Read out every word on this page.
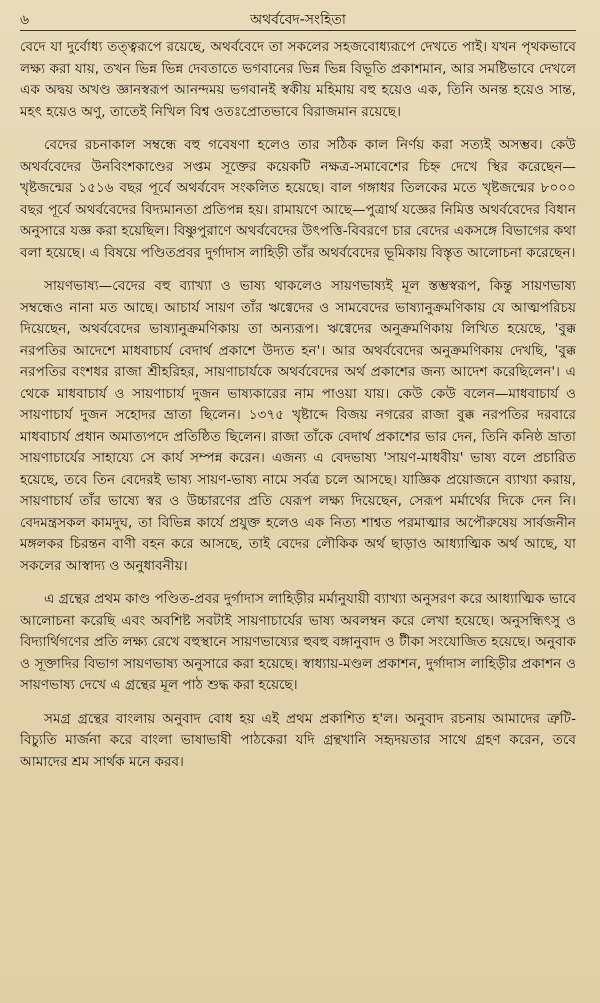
৬	অথর্ববেদ-সংহিতা

বেদে যা দুর্বোধ্য তত্ত্বরূপে রয়েছে, অথর্ববেদে তা সকলের সহজবোধ্যরূপে দেখতে পাই। যখন পৃথকভাবে লক্ষ্য করা যায়, তখন ভিন্ন ভিন্ন দেবতাতে ভগবানের ভিন্ন ভিন্ন বিভূতি প্রকাশমান, আর সমষ্টিভাবে দেখলে এক অদ্বয় অখণ্ড জ্ঞানস্বরূপ আনন্দময় ভগবানই স্বকীয় মহিমায় বহু হয়েও এক, তিনি অনন্ত হয়েও সান্ত, মহৎ হয়েও অণু, তাতেই নিখিল বিশ্ব ওতঃপ্রোতভাবে বিরাজমান রয়েছে।

বেদের রচনাকাল সম্বন্ধে বহু গবেষণা হলেও তার সঠিক কাল নির্ণয় করা সত্যই অসম্ভব। কেউ অথর্ববেদের উনবিংশকাণ্ডের সপ্তম সূক্তের কয়েকটি নক্ষত্র-সমাবেশের চিহ্ন দেখে স্থির করেছেন—খৃষ্টজন্মের ১৫১৬ বছর পূর্বে অথর্ববেদ সংকলিত হয়েছে। বাল গঙ্গাধর তিলকের মতে খৃষ্টজন্মের ৮০০০ বছর পূর্বে অথর্ববেদের বিদ্যমানতা প্রতিপন্ন হয়। রামায়ণে আছে—পুত্রার্থ যজ্ঞের নিমিত্ত অথর্ববেদের বিধান অনুসারে যজ্ঞ করা হয়েছিল। বিষ্ণুপুরাণে অথর্ববেদের উৎপত্তি-বিবরণে চার বেদের একসঙ্গে বিভাগের কথা বলা হয়েছে। এ বিষয়ে পণ্ডিতপ্রবর দুর্গাদাস লাহিড়ী তাঁর অথর্ববেদের ভূমিকায় বিস্তৃত আলোচনা করেছেন।

সায়ণভাষ্য—বেদের বহু ব্যাখ্যা ও ভাষ্য থাকলেও সায়ণভাষ্যই মূল স্তম্ভস্বরূপ, কিন্তু সায়ণভাষ্য সম্বন্ধেও নানা মত আছে। আচার্য সায়ণ তাঁর ঋগ্বেদের ও সামবেদের ভাষ্যানুক্রমণিকায় যে আত্মপরিচয় দিয়েছেন, অথর্ববেদের ভাষ্যানুক্রমণিকায় তা অন্যরূপ। ঋগ্বেদের অনুক্রমণিকায় লিখিত হয়েছে, 'বুক্ক নরপতির আদেশে মাধবাচার্য বেদার্থ প্রকাশে উদ্যত হন'। আর অথর্ববেদের অনুক্রমণিকায় দেখছি, 'বুক্ক নরপতির বংশধর রাজা শ্রীহরিহর, সায়ণাচার্যকে অথর্ববেদের অর্থ প্রকাশের জন্য আদেশ করেছিলেন'। এ থেকে মাধবাচার্য ও সায়ণাচার্য দুজন ভাষ্যকারের নাম পাওয়া যায়। কেউ কেউ বলেন—মাধবাচার্য ও সায়ণাচার্য দুজন সহোদর ভ্রাতা ছিলেন। ১৩৭৫ খৃষ্টাব্দে বিজয় নগরের রাজা বুক্ক নরপতির দরবারে মাধবাচার্য প্রধান অমাত্যপদে প্রতিষ্ঠিত ছিলেন। রাজা তাঁকে বেদার্থ প্রকাশের ভার দেন, তিনি কনিষ্ঠ ভ্রাতা সায়ণাচার্যের সাহায্যে সে কার্য সম্পন্ন করেন। এজন্য এ বেদভাষ্য 'সায়ণ-মাধবীয়' ভাষ্য বলে প্রচারিত হয়েছে, তবে তিন বেদেরই ভাষ্য সায়ণ-ভাষ্য নামে সর্বত্র চলে আসছে। যাজ্ঞিক প্রয়োজনে ব্যাখ্যা করায়, সায়ণাচার্য তাঁর ভাষ্যে স্বর ও উচ্চারণের প্রতি যেরূপ লক্ষ্য দিয়েছেন, সেরূপ মর্মার্থের দিকে দেন নি। বেদমন্ত্রসকল কামদুঘ, তা বিভিন্ন কার্যে প্রযুক্ত হলেও এক নিত্য শাশ্বত পরমাত্মার অপৌরুষেয় সার্বজনীন মঙ্গলকর চিরন্তন বাণী বহন করে আসছে, তাই বেদের লৌকিক অর্থ ছাড়াও আধ্যাত্মিক অর্থ আছে, যা সকলের আস্বাদ্য ও অনুধাবনীয়।

এ গ্রন্থের প্রথম কাণ্ড পণ্ডিত-প্রবর দুর্গাদাস লাহিড়ীর মর্মানুযায়ী ব্যাখ্যা অনুসরণ করে আধ্যাত্মিক ভাবে আলোচনা করেছি এবং অবশিষ্ট সবটাই সায়ণাচার্যের ভাষ্য অবলম্বন করে লেখা হয়েছে। অনুসন্ধিৎসু ও বিদ্যার্থিগণের প্রতি লক্ষ্য রেখে বহুস্থানে সায়ণভাষ্যের হুবহু বঙ্গানুবাদ ও টীকা সংযোজিত হয়েছে। অনুবাক ও সূক্তাদির বিভাগ সায়ণভাষ্য অনুসারে করা হয়েছে। স্বাধ্যায়-মণ্ডল প্রকাশন, দুর্গাদাস লাহিড়ীর প্রকাশন ও সায়ণভাষ্য দেখে এ গ্রন্থের মূল পাঠ শুদ্ধ করা হয়েছে।

সমগ্র গ্রন্থের বাংলায় অনুবাদ বোধ হয় এই প্রথম প্রকাশিত হ'ল। অনুবাদ রচনায় আমাদের ত্রুটি-বিচ্যুতি মার্জনা করে বাংলা ভাষাভাষী পাঠকেরা যদি গ্রন্থখানি সহৃদয়তার সাথে গ্রহণ করেন, তবে আমাদের শ্রম সার্থক মনে করব।
